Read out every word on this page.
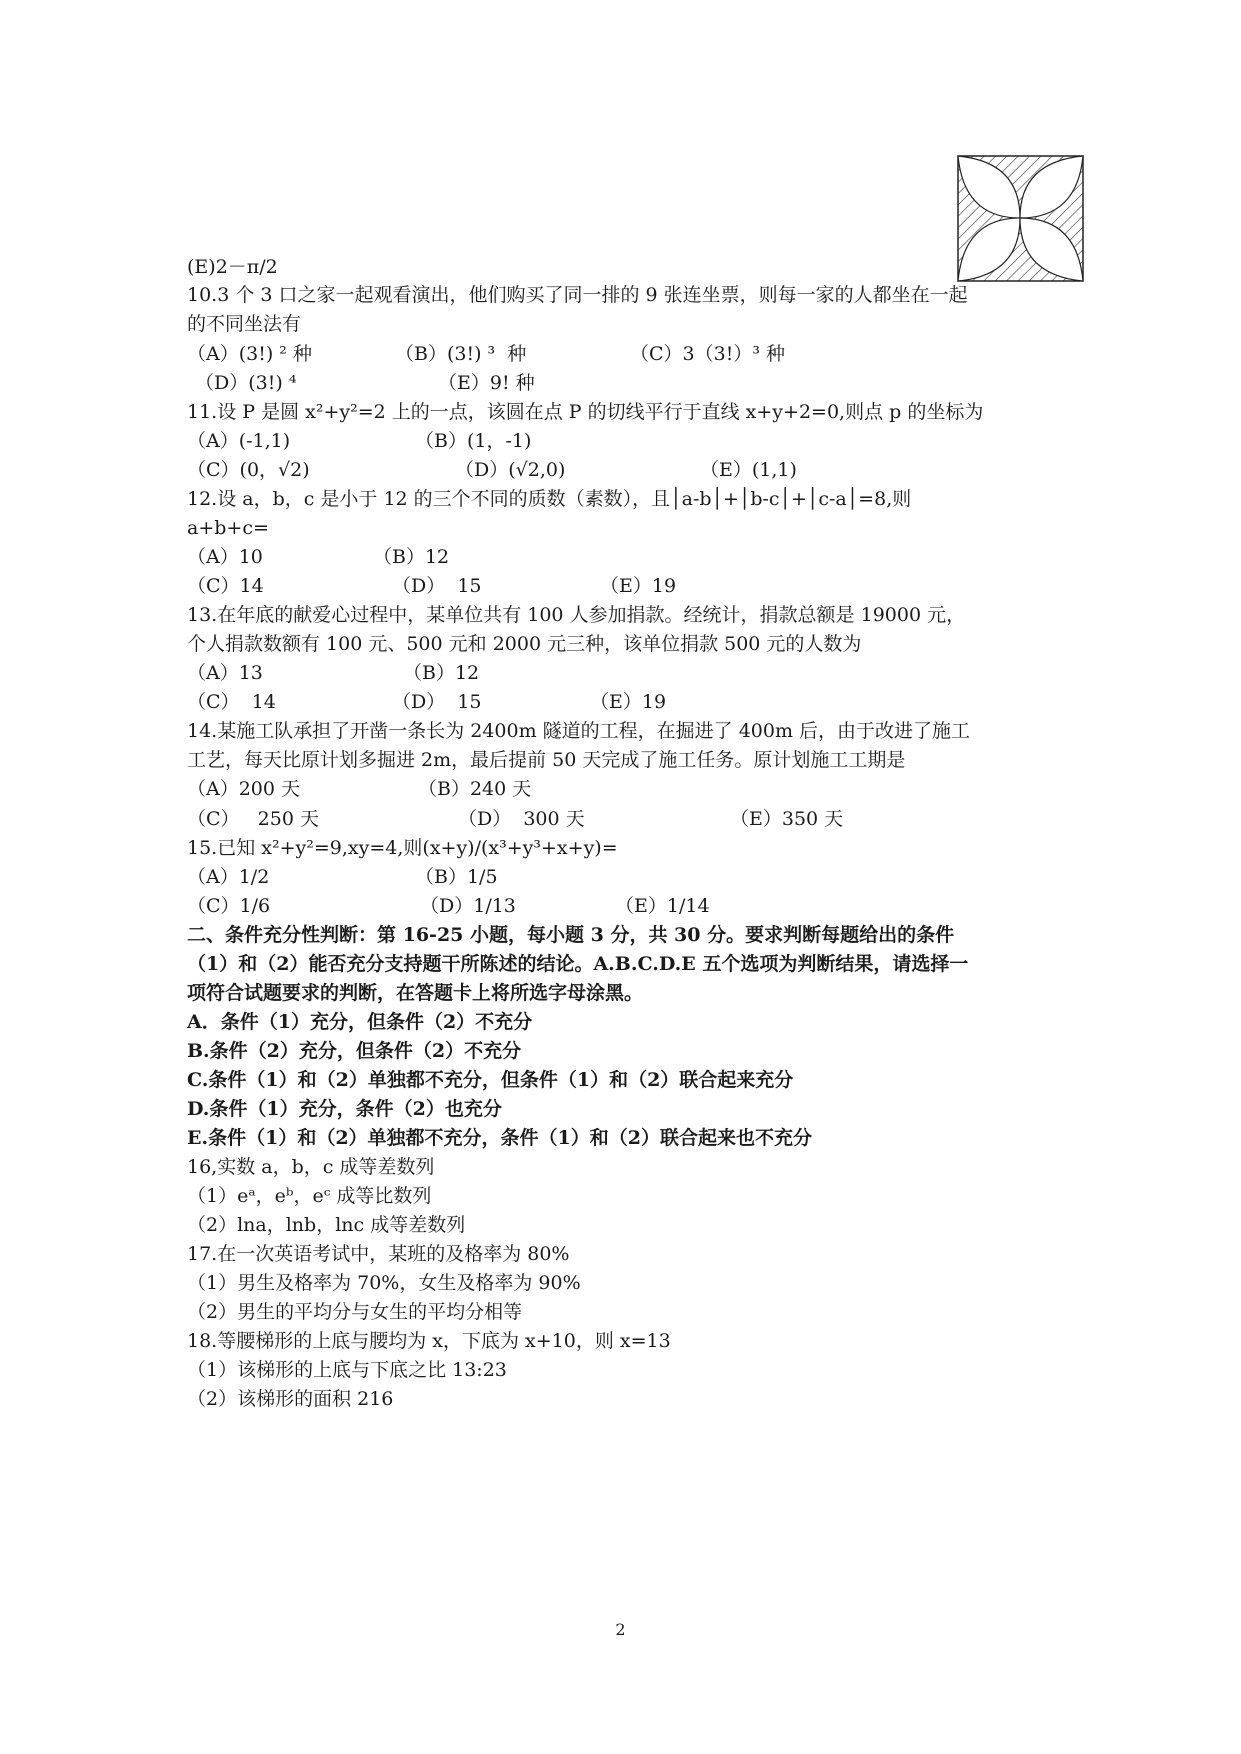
(E)2－π/2
10.3 个 3 口之家一起观看演出，他们购买了同一排的 9 张连坐票，则每一家的人都坐在一起
的不同坐法有
（A）(3!) ² 种	（B）(3!) ³  种	（C）3（3!）³ 种
（D）(3!) ⁴	（E）9! 种
11.设 P 是圆 x²+y²=2 上的一点，该圆在点 P 的切线平行于直线 x+y+2=0,则点 p 的坐标为
（A）(-1,1)	（B）(1，-1)
（C）(0，√2)	（D）(√2,0)	（E）(1,1)
12.设 a，b，c 是小于 12 的三个不同的质数（素数），且│a-b│+│b-c│+│c-a│=8,则
a+b+c=
（A）10	（B）12
（C）14	（D）  15	（E）19
13.在年底的献爱心过程中，某单位共有 100 人参加捐款。经统计，捐款总额是 19000 元，
个人捐款数额有 100 元、500 元和 2000 元三种，该单位捐款 500 元的人数为
（A）13	（B）12
（C）  14	（D）  15	（E）19
14.某施工队承担了开凿一条长为 2400m 隧道的工程，在掘进了 400m 后，由于改进了施工
工艺，每天比原计划多掘进 2m，最后提前 50 天完成了施工任务。原计划施工工期是
（A）200 天	（B）240 天
（C）   250 天	（D）  300 天	（E）350 天
15.已知 x²+y²=9,xy=4,则(x+y)/(x³+y³+x+y)=
（A）1/2	（B）1/5
（C）1/6	（D）1/13	（E）1/14
二、条件充分性判断：第 16-25 小题，每小题 3 分，共 30 分。要求判断每题给出的条件
（1）和（2）能否充分支持题干所陈述的结论。A.B.C.D.E 五个选项为判断结果，请选择一
项符合试题要求的判断，在答题卡上将所选字母涂黑。
A．条件（1）充分，但条件（2）不充分
B.条件（2）充分，但条件（2）不充分
C.条件（1）和（2）单独都不充分，但条件（1）和（2）联合起来充分
D.条件（1）充分，条件（2）也充分
E.条件（1）和（2）单独都不充分，条件（1）和（2）联合起来也不充分
16,实数 a，b，c 成等差数列
（1）eᵃ，eᵇ，eᶜ 成等比数列
（2）lna，lnb，lnc 成等差数列
17.在一次英语考试中，某班的及格率为 80%
（1）男生及格率为 70%，女生及格率为 90%
（2）男生的平均分与女生的平均分相等
18.等腰梯形的上底与腰均为 x，下底为 x+10，则 x=13
（1）该梯形的上底与下底之比 13:23
（2）该梯形的面积 216
2
